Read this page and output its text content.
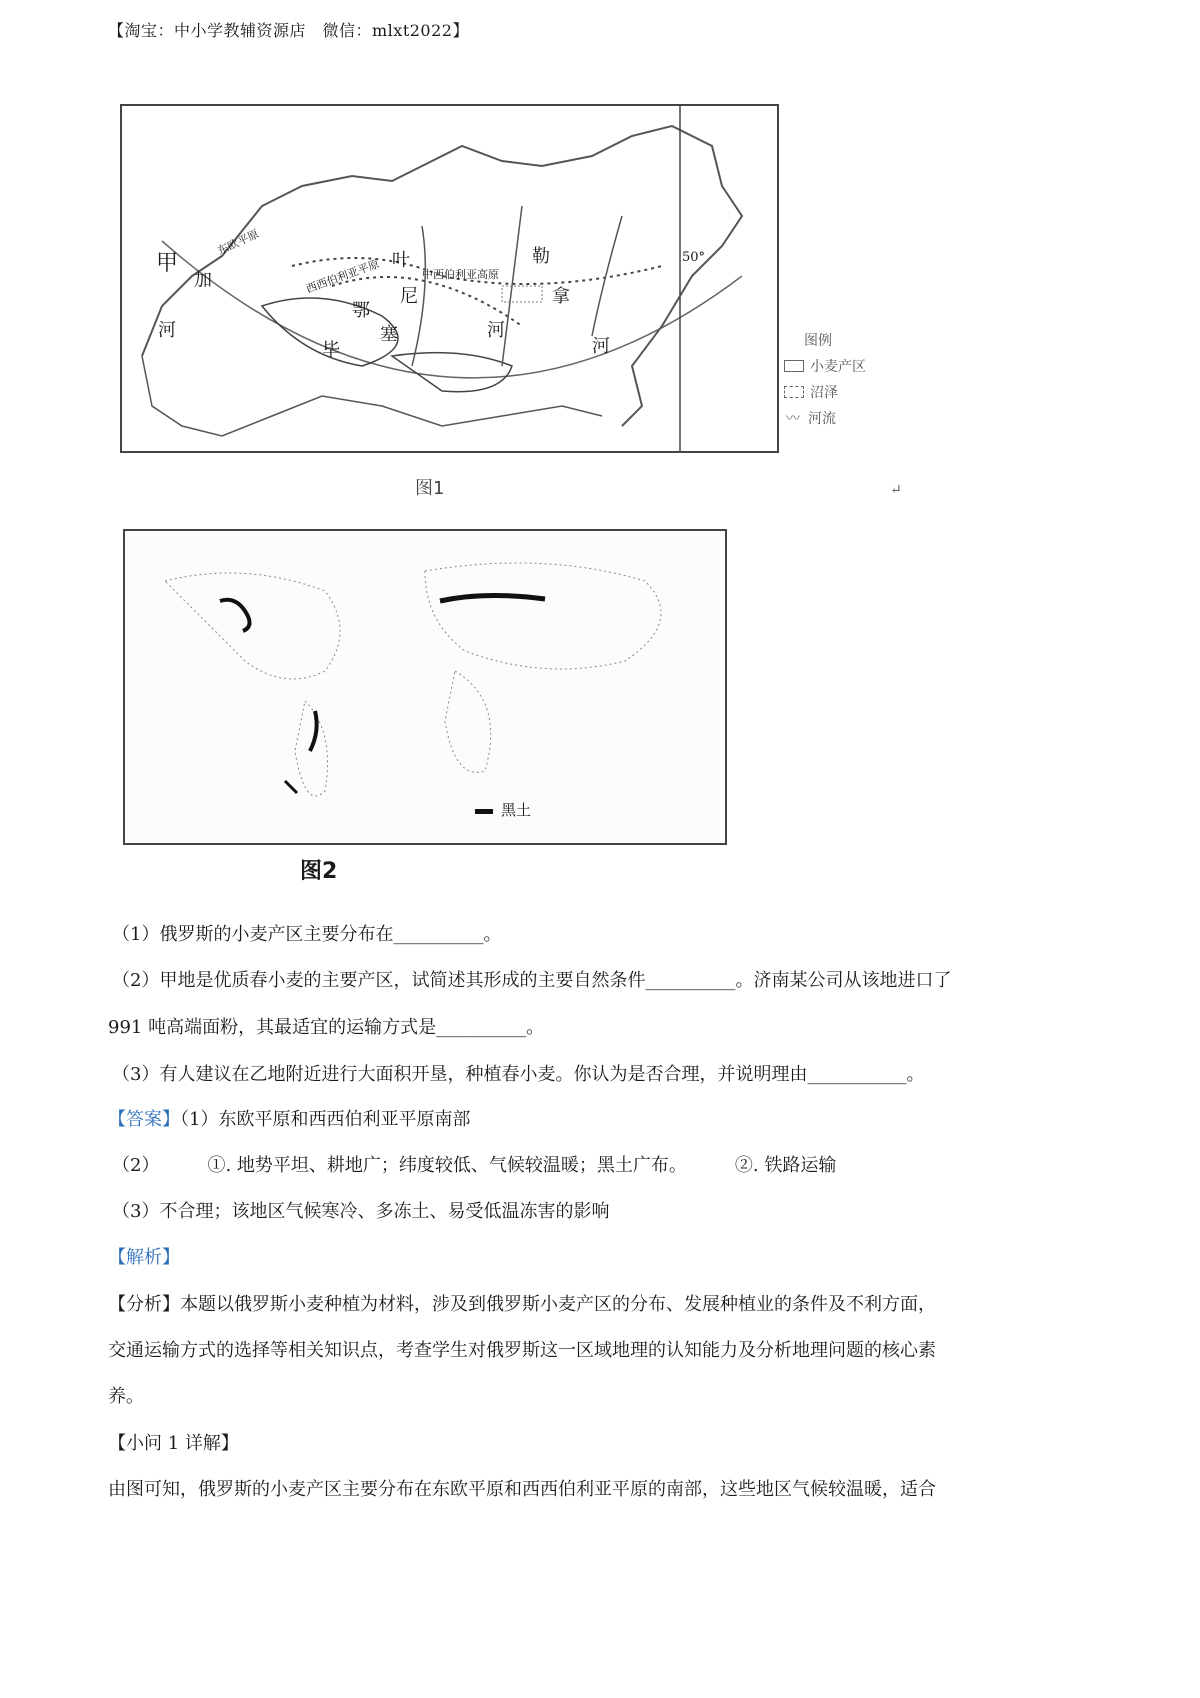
【淘宝：中小学教辅资源店　微信：mlxt2022】
甲
加
河
叶
尼
塞
鄂
毕
勒
拿
河
河
50°
西西伯利亚平原	中西伯利亚高原
东欧平原
图例
小麦产区
沼泽
〰 河流
图1	↵
黑土
图2
（1）俄罗斯的小麦产区主要分布在__________。
（2）甲地是优质春小麦的主要产区，试简述其形成的主要自然条件__________。济南某公司从该地进口了
991 吨高端面粉，其最适宜的运输方式是__________。
（3）有人建议在乙地附近进行大面积开垦，种植春小麦。你认为是否合理，并说明理由___________。
【答案】（1）东欧平原和西西伯利亚平原南部
（2）	①. 地势平坦、耕地广；纬度较低、气候较温暖；黑土广布。	②. 铁路运输
（3）不合理；该地区气候寒冷、多冻土、易受低温冻害的影响
【解析】
【分析】本题以俄罗斯小麦种植为材料，涉及到俄罗斯小麦产区的分布、发展种植业的条件及不利方面，
交通运输方式的选择等相关知识点，考查学生对俄罗斯这一区域地理的认知能力及分析地理问题的核心素
养。
【小问 1 详解】
由图可知，俄罗斯的小麦产区主要分布在东欧平原和西西伯利亚平原的南部，这些地区气候较温暖，适合
